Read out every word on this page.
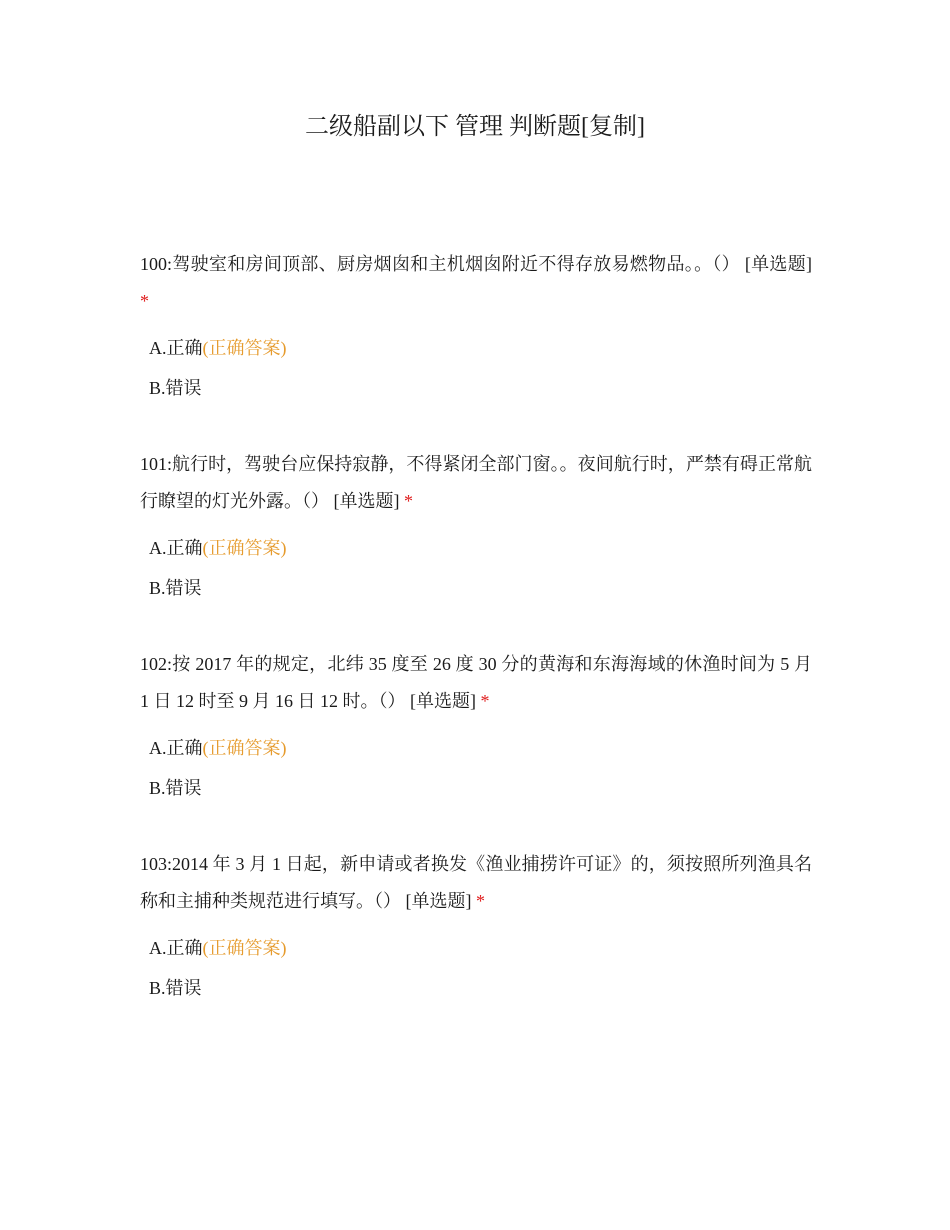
二级船副以下 管理 判断题[复制]

100:驾驶室和房间顶部、厨房烟囱和主机烟囱附近不得存放易燃物品。。（） [单选题] *

A.正确(正确答案)
B.错误

101:航行时，驾驶台应保持寂静，不得紧闭全部门窗。。夜间航行时，严禁有碍正常航行瞭望的灯光外露。（） [单选题] *

A.正确(正确答案)
B.错误

102:按 2017 年的规定，北纬 35 度至 26 度 30 分的黄海和东海海域的休渔时间为 5 月 1 日 12 时至 9 月 16 日 12 时。（） [单选题] *

A.正确(正确答案)
B.错误

103:2014 年 3 月 1 日起，新申请或者换发《渔业捕捞许可证》的，须按照所列渔具名称和主捕种类规范进行填写。（） [单选题] *

A.正确(正确答案)
B.错误
